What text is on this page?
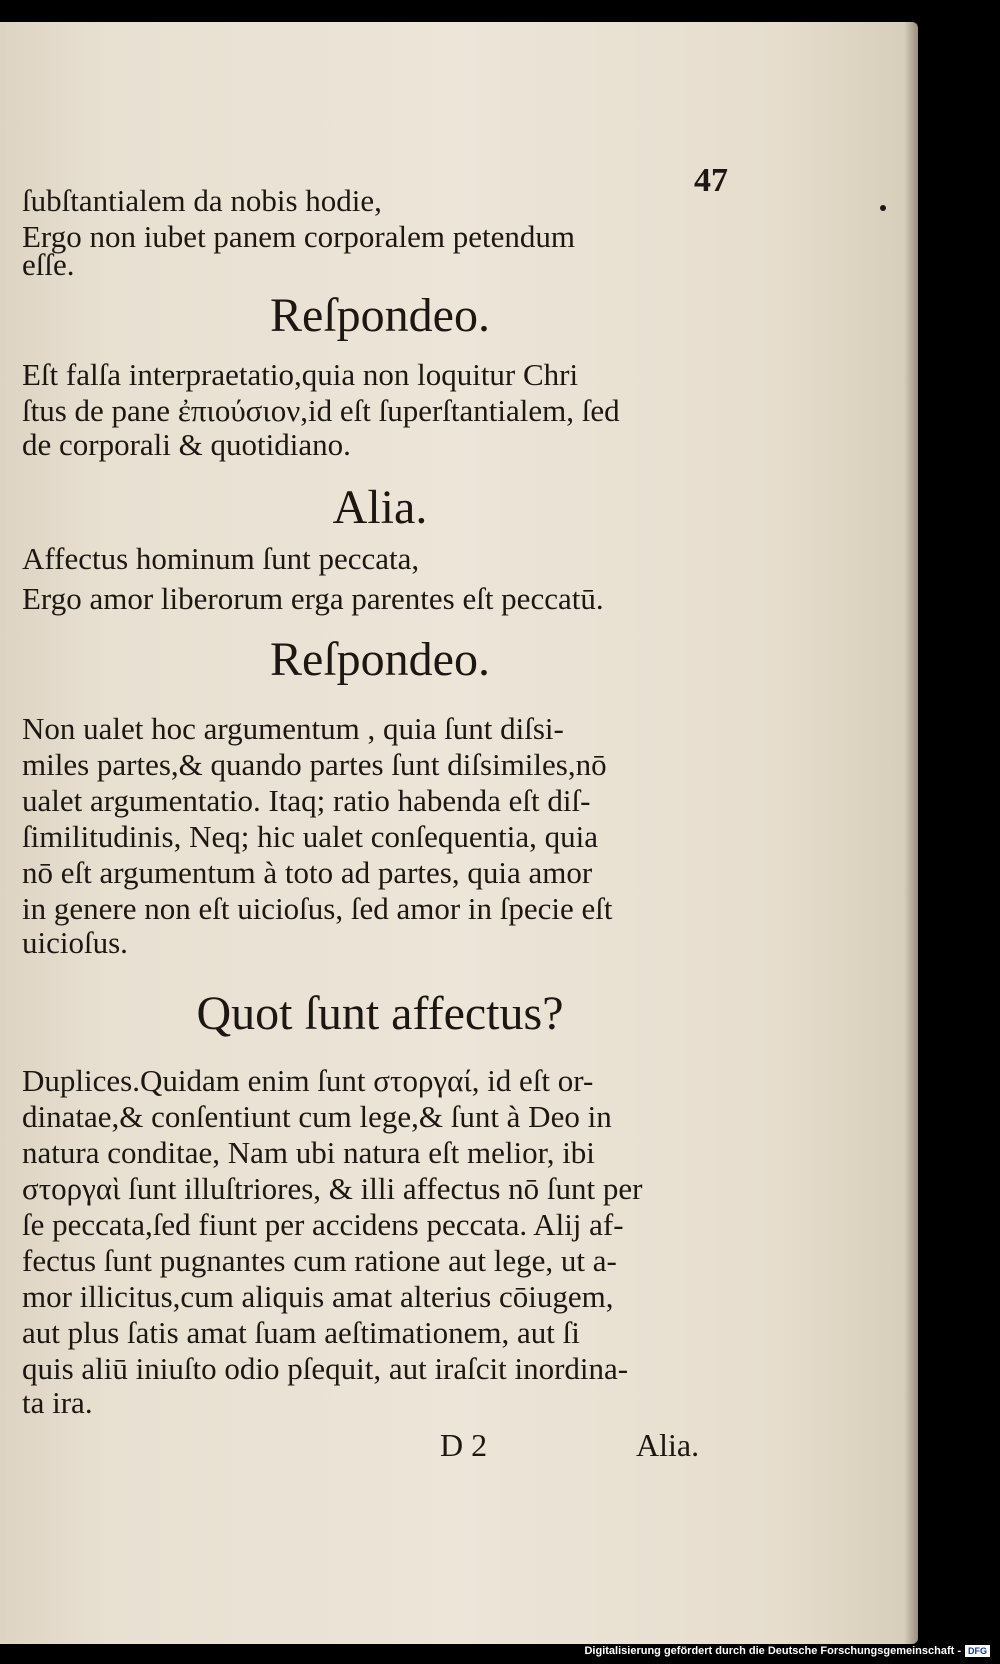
47
ſubſtantialem da nobis hodie,
Ergo non iubet panem corporalem petendum
eſſe.
Reſpondeo.
Eſt falſa interpraetatio,quia non loquitur Chri
ſtus de pane ἐπιούσιον,id eſt ſuperſtantialem, ſed
de corporali & quotidiano.
Alia.
Affectus hominum ſunt peccata,
Ergo amor liberorum erga parentes eſt peccatū.
Reſpondeo.
Non ualet hoc argumentum , quia ſunt diſsi-
miles partes,& quando partes ſunt diſsimiles,nō
ualet argumentatio. Itaq; ratio habenda eſt diſ-
ſimilitudinis, Neq; hic ualet conſequentia, quia
nō eſt argumentum à toto ad partes, quia amor
in genere non eſt uicioſus, ſed amor in ſpecie eſt
uicioſus.
Quot ſunt affectus?
Duplices.Quidam enim ſunt στοργαί, id eſt or-
dinatae,& conſentiunt cum lege,& ſunt à Deo in
natura conditae, Nam ubi natura eſt melior, ibi
στοργαὶ ſunt illuſtriores, & illi affectus nō ſunt per
ſe peccata,ſed fiunt per accidens peccata. Alij af-
fectus ſunt pugnantes cum ratione aut lege, ut a-
mor illicitus,cum aliquis amat alterius cōiugem,
aut plus ſatis amat ſuam aeſtimationem, aut ſi
quis aliū iniuſto odio pſequit, aut iraſcit inordina-
ta ira.
D 2	Alia.
Digitalisierung gefördert durch die Deutsche Forschungsgemeinschaft - DFG
